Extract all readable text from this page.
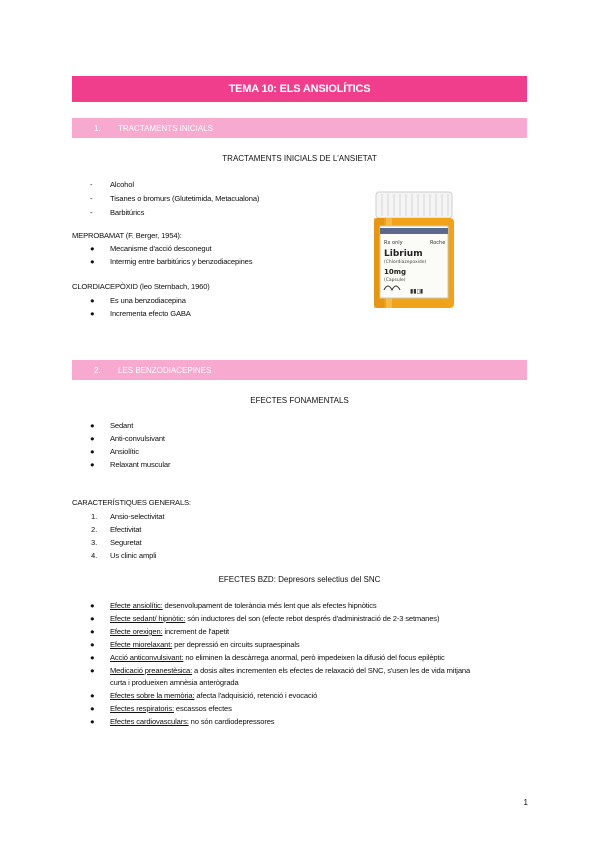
TEMA 10: ELS ANSIOLÍTICS
1.	TRACTAMENTS INICIALS
TRACTAMENTS INICIALS DE L'ANSIETAT
- Alcohol
- Tisanes o bromurs (Glutetimida, Metacualona)
- Barbitúrics
MEPROBAMAT (F. Berger, 1954):
● Mecanisme d'acció desconegut
● Intermig entre barbitúrics y benzodiacepines
CLORDIACEPÒXID (leo Sternbach, 1960)
● Es una benzodiacepina
● Incrementa efecto GABA
Rx only	Roche
Librium
(Chlordiazepoxide)
10mg
(Capsule)
▮▮▯▮
2.	LES BENZODIACEPINES
EFECTES FONAMENTALS
● Sedant
● Anti-convulsivant
● Ansiolític
● Relaxant muscular
CARACTERÍSTIQUES GENERALS:
1. Ansio-selectivitat
2. Efectivitat
3. Seguretat
4. Us clinic ampli
EFECTES BZD: Depresors selectius del SNC
● Efecte ansiolític: desenvolupament de tolerància més lent que als efectes hipnòtics
● Efecte sedant/ hipnòtic: són inductores del son (efecte rebot després d'administració de 2-3 setmanes)
● Efecte orexigen: increment de l'apetit
● Efecte miorelaxant: per depressió en circuits supraespinals
● Acció anticonvulsivant: no eliminen la descàrrega anormal, però impedeixen la difusió del focus epilèptic
● Medicació preanestèsica: a dosis altes incrementen els efectes de relaxació del SNC, s'usen les de vida mitjana
curta i produeixen amnèsia anterògrada
● Efectes sobre la memòria: afecta l'adquisició, retenció i evocació
● Efectes respiratoris: escassos efectes
● Efectes cardiovasculars: no són cardiodepressores
1
